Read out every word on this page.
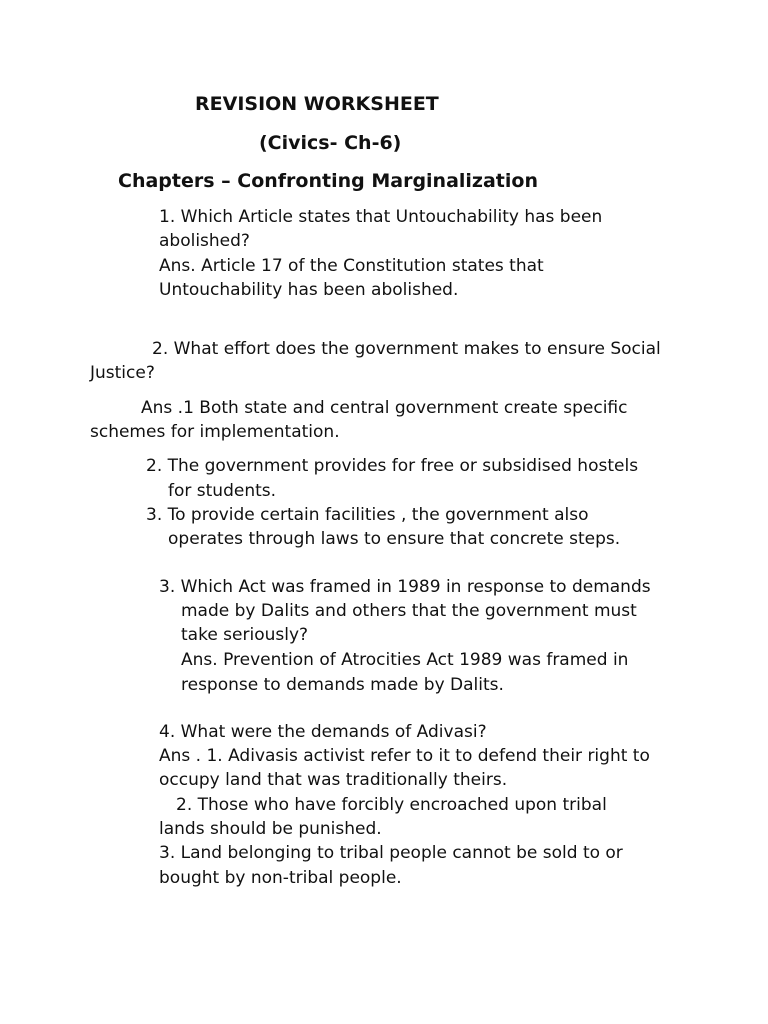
REVISION WORKSHEET
(Civics- Ch-6)
Chapters – Confronting Marginalization
1. Which Article states that Untouchability has been
abolished?
Ans. Article 17 of the Constitution states that
Untouchability has been abolished.
2. What effort does the government makes to ensure Social
Justice?
Ans .1 Both state and central government create specific
schemes for implementation.
2. The government provides for free or subsidised hostels
for students.
3. To provide certain facilities , the government also
operates through laws to ensure that concrete steps.
3. Which Act was framed in 1989 in response to demands
made by Dalits and others that the government must
take seriously?
Ans. Prevention of Atrocities Act 1989 was framed in
response to demands made by Dalits.
4. What were the demands of Adivasi?
Ans . 1. Adivasis activist refer to it to defend their right to
occupy land that was traditionally theirs.
2. Those who have forcibly encroached upon tribal
lands should be punished.
3. Land belonging to tribal people cannot be sold to or
bought by non-tribal people.
